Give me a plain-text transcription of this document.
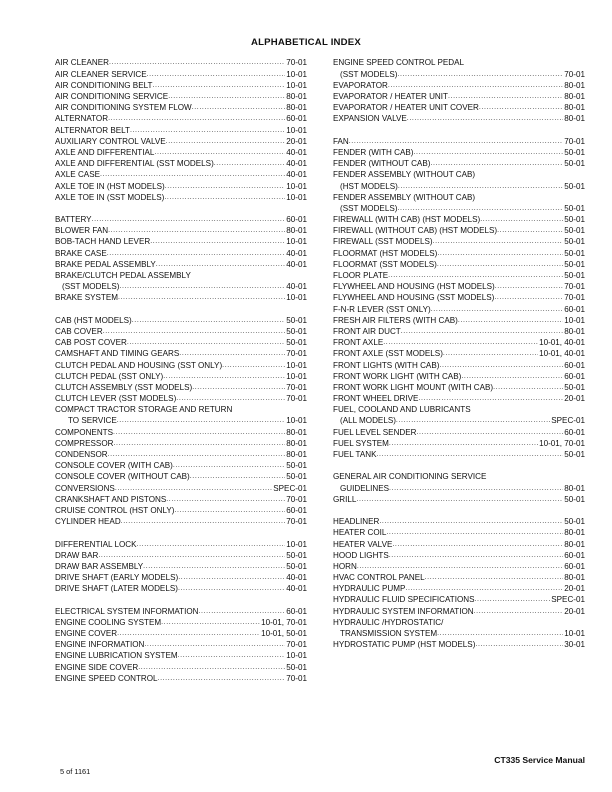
ALPHABETICAL INDEX
AIR CLEANER .....	70-01
AIR CLEANER SERVICE .....	10-01
AIR CONDITIONING BELT .....	10-01
AIR CONDITIONING SERVICE .....	80-01
AIR CONDITIONING SYSTEM FLOW .....	80-01
ALTERNATOR .....	60-01
ALTERNATOR BELT .....	10-01
AUXILIARY CONTROL VALVE .....	20-01
AXLE AND DIFFERENTIAL .....	40-01
AXLE AND DIFFERENTIAL (SST MODELS) .....	40-01
AXLE CASE .....	40-01
AXLE TOE IN (HST MODELS) .....	10-01
AXLE TOE IN (SST MODELS) .....	10-01
BATTERY .....	60-01
BLOWER FAN .....	80-01
BOB-TACH HAND LEVER .....	10-01
BRAKE CASE .....	40-01
BRAKE PEDAL ASSEMBLY .....	40-01
BRAKE/CLUTCH PEDAL ASSEMBLY
(SST MODELS) .....	40-01
BRAKE SYSTEM .....	10-01
CAB (HST MODELS) .....	50-01
CAB COVER .....	50-01
CAB POST COVER .....	50-01
CAMSHAFT AND TIMING GEARS .....	70-01
CLUTCH PEDAL AND HOUSING (SST ONLY) .....	10-01
CLUTCH PEDAL (SST ONLY) .....	10-01
CLUTCH ASSEMBLY (SST MODELS) .....	70-01
CLUTCH LEVER (SST MODELS) .....	70-01
COMPACT TRACTOR STORAGE AND RETURN
TO SERVICE .....	10-01
COMPONENTS .....	80-01
COMPRESSOR .....	80-01
CONDENSOR .....	80-01
CONSOLE COVER (WITH CAB) .....	50-01
CONSOLE COVER (WITHOUT CAB) .....	50-01
CONVERSIONS .....	SPEC-01
CRANKSHAFT AND PISTONS .....	70-01
CRUISE CONTROL (HST ONLY) .....	60-01
CYLINDER HEAD .....	70-01
DIFFERENTIAL LOCK .....	10-01
DRAW BAR .....	50-01
DRAW BAR ASSEMBLY .....	50-01
DRIVE SHAFT (EARLY MODELS) .....	40-01
DRIVE SHAFT (LATER MODELS) .....	40-01
ELECTRICAL SYSTEM INFORMATION .....	60-01
ENGINE COOLING SYSTEM .....	10-01, 70-01
ENGINE COVER .....	10-01, 50-01
ENGINE INFORMATION .....	70-01
ENGINE LUBRICATION SYSTEM .....	10-01
ENGINE SIDE COVER .....	50-01
ENGINE SPEED CONTROL .....	70-01
ENGINE SPEED CONTROL PEDAL
(SST MODELS) .....	70-01
EVAPORATOR .....	80-01
EVAPORATOR / HEATER UNIT .....	80-01
EVAPORATOR / HEATER UNIT COVER .....	80-01
EXPANSION VALVE .....	80-01
FAN .....	70-01
FENDER (WITH CAB) .....	50-01
FENDER (WITHOUT CAB) .....	50-01
FENDER ASSEMBLY (WITHOUT CAB)
(HST MODELS) .....	50-01
FENDER ASSEMBLY (WITHOUT CAB)
(SST MODELS) .....	50-01
FIREWALL (WITH CAB) (HST MODELS) .....	50-01
FIREWALL (WITHOUT CAB) (HST MODELS) .....	50-01
FIREWALL (SST MODELS) .....	50-01
FLOORMAT (HST MODELS) .....	50-01
FLOORMAT (SST MODELS) .....	50-01
FLOOR PLATE .....	50-01
FLYWHEEL AND HOUSING (HST MODELS) .....	70-01
FLYWHEEL AND HOUSING (SST MODELS) .....	70-01
F-N-R LEVER (SST ONLY) .....	60-01
FRESH AIR FILTERS (WITH CAB) .....	10-01
FRONT AIR DUCT .....	80-01
FRONT AXLE .....	10-01, 40-01
FRONT AXLE (SST MODELS) .....	10-01, 40-01
FRONT LIGHTS (WITH CAB) .....	60-01
FRONT WORK LIGHT (WITH CAB) .....	60-01
FRONT WORK LIGHT MOUNT (WITH CAB) .....	50-01
FRONT WHEEL DRIVE .....	20-01
FUEL, COOLAND AND LUBRICANTS
(ALL MODELS) .....	SPEC-01
FUEL LEVEL SENDER .....	60-01
FUEL SYSTEM .....	10-01, 70-01
FUEL TANK .....	50-01
GENERAL AIR CONDITIONING SERVICE
GUIDELINES .....	80-01
GRILL .....	50-01
HEADLINER .....	50-01
HEATER COIL .....	80-01
HEATER VALVE .....	80-01
HOOD LIGHTS .....	60-01
HORN .....	60-01
HVAC CONTROL PANEL .....	80-01
HYDRAULIC PUMP .....	20-01
HYDRAULIC FLUID SPECIFICATIONS .....	SPEC-01
HYDRAULIC SYSTEM INFORMATION .....	20-01
HYDRAULIC /HYDROSTATIC/
TRANSMISSION SYSTEM .....	10-01
HYDROSTATIC PUMP (HST MODELS) .....	30-01
5 of 1161
CT335 Service Manual
